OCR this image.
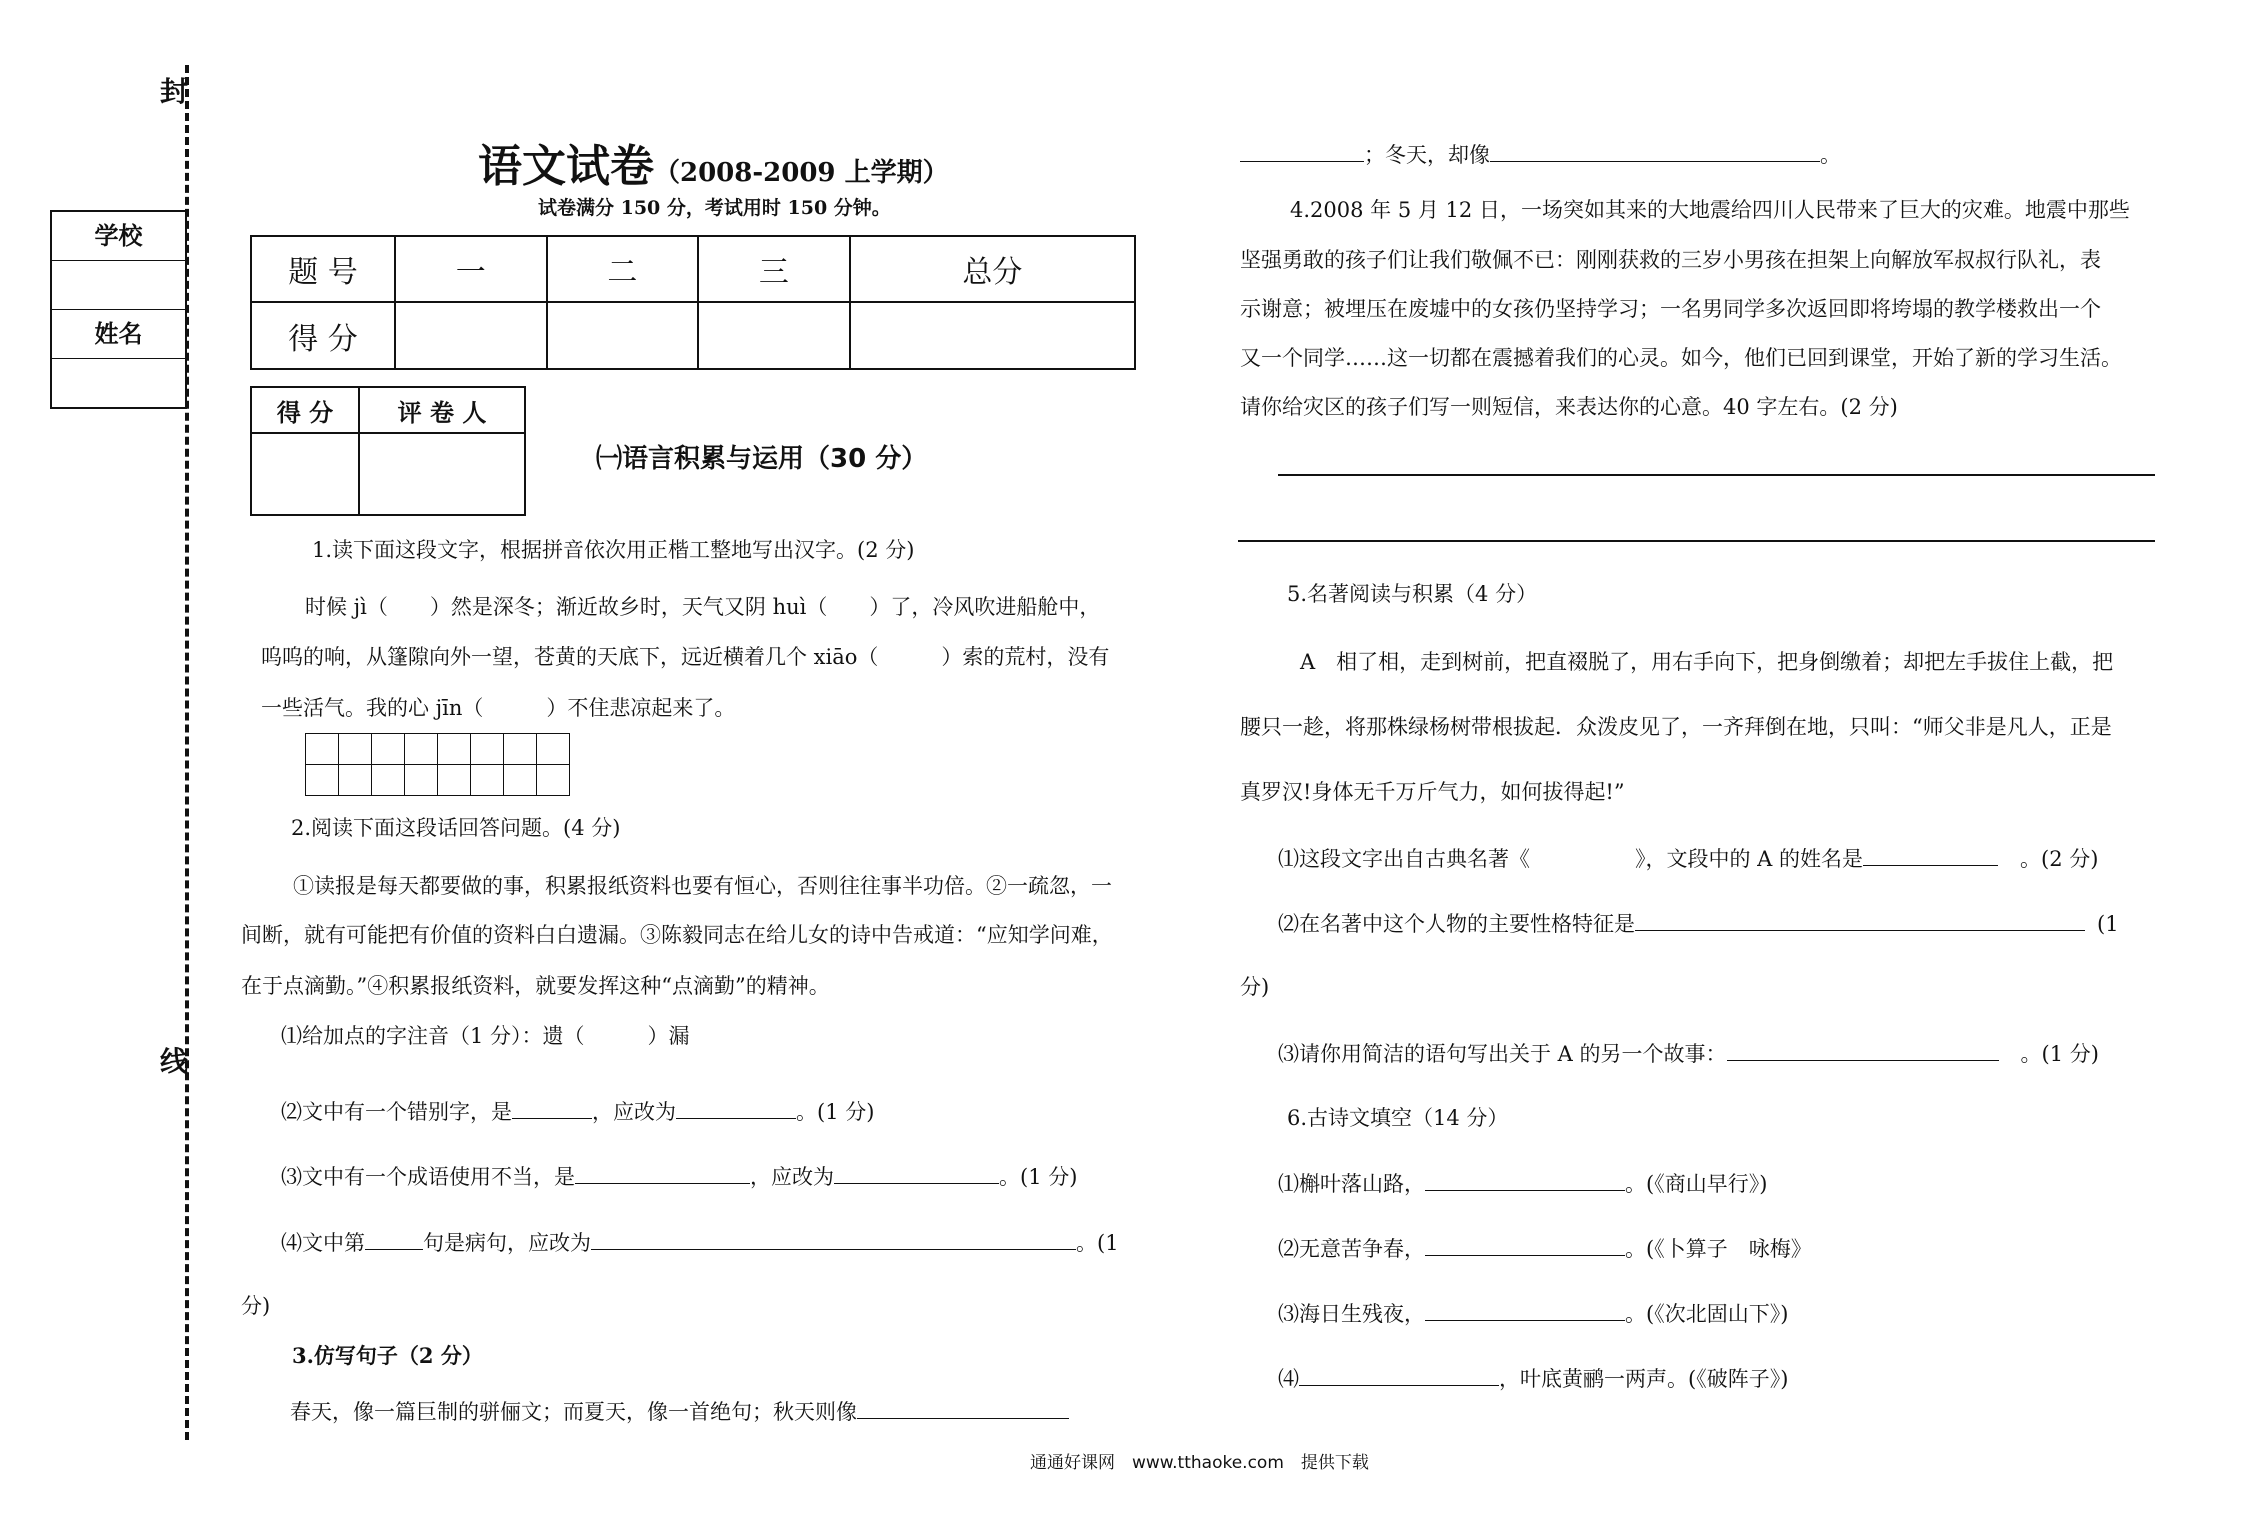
封
线
学校
姓名
语文试卷（2008-2009 上学期）
试卷满分 150 分，考试用时 150 分钟。
题 号	一	二	三	总分
得 分				
得 分	评 卷 人

㈠语言积累与运用（30 分）
1.读下面这段文字，根据拼音依次用正楷工整地写出汉字。(2 分)
时候 jì（　　）然是深冬；渐近故乡时，天气又阴 huì（　　）了，冷风吹进船舱中，
呜呜的响，从篷隙向外一望，苍黄的天底下，远近横着几个 xiāo（　　　）索的荒村，没有
一些活气。我的心 jīn（　　　）不住悲凉起来了。

2.阅读下面这段话回答问题。(4 分)
①读报是每天都要做的事，积累报纸资料也要有恒心，否则往往事半功倍。②一疏忽，一
间断，就有可能把有价值的资料白白遗漏。③陈毅同志在给儿女的诗中告戒道：“应知学问难，
在于点滴勤。”④积累报纸资料，就要发挥这种“点滴勤”的精神。
⑴给加点的字注音（1 分）：遗（　　　）漏
⑵文中有一个错别字，是	，应改为	。(1 分)
⑶文中有一个成语使用不当，是	，应改为	。(1 分)
⑷文中第	句是病句，应改为	。(1
分)
3.仿写句子（2 分）
春天，像一篇巨制的骈俪文；而夏天，像一首绝句；秋天则像
；冬天，却像	。
4.2008 年 5 月 12 日，一场突如其来的大地震给四川人民带来了巨大的灾难。地震中那些
坚强勇敢的孩子们让我们敬佩不已：刚刚获救的三岁小男孩在担架上向解放军叔叔行队礼，表
示谢意；被埋压在废墟中的女孩仍坚持学习；一名男同学多次返回即将垮塌的教学楼救出一个
又一个同学……这一切都在震撼着我们的心灵。如今，他们已回到课堂，开始了新的学习生活。
请你给灾区的孩子们写一则短信，来表达你的心意。40 字左右。(2 分)
5.名著阅读与积累（4 分）
A　相了相，走到树前，把直裰脱了，用右手向下，把身倒缴着；却把左手拔住上截，把
腰只一趁，将那株绿杨树带根拔起．众泼皮见了，一齐拜倒在地，只叫：“师父非是凡人，正是
真罗汉!身体无千万斤气力，如何拔得起!”
⑴这段文字出自古典名著《	》，文段中的 A 的姓名是	。(2 分)
⑵在名著中这个人物的主要性格特征是	(1
分)
⑶请你用简洁的语句写出关于 A 的另一个故事：	。(1 分)
6.古诗文填空（14 分）
⑴槲叶落山路，	。(《商山早行》)
⑵无意苦争春，	。(《卜算子　咏梅》
⑶海日生残夜，	。(《次北固山下》)
⑷	，叶底黄鹂一两声。(《破阵子》)
通通好课网　www.tthaoke.com　提供下载
